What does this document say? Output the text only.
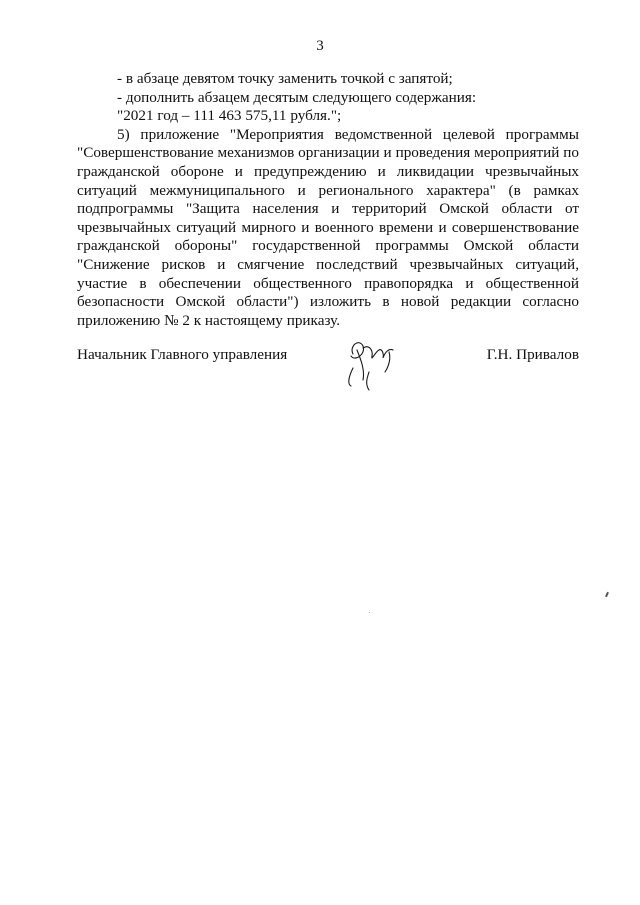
3

- в абзаце девятом точку заменить точкой с запятой;

- дополнить абзацем десятым следующего содержания:

"2021 год – 111 463 575,11 рубля.";

5) приложение "Мероприятия ведомственной целевой программы "Совершенствование механизмов организации и проведения мероприятий по гражданской обороне и предупреждению и ликвидации чрезвычайных ситуаций межмуниципального и регионального характера" (в рамках подпрограммы "Защита населения и территорий Омской области от чрезвычайных ситуаций мирного и военного времени и совершенствование гражданской обороны" государственной программы Омской области "Снижение рисков и смягчение последствий чрезвычайных ситуаций, участие в обеспечении общественного правопорядка и общественной безопасности Омской области") изложить в новой редакции согласно приложению № 2 к настоящему приказу.

Начальник Главного управления	Г.Н. Привалов
